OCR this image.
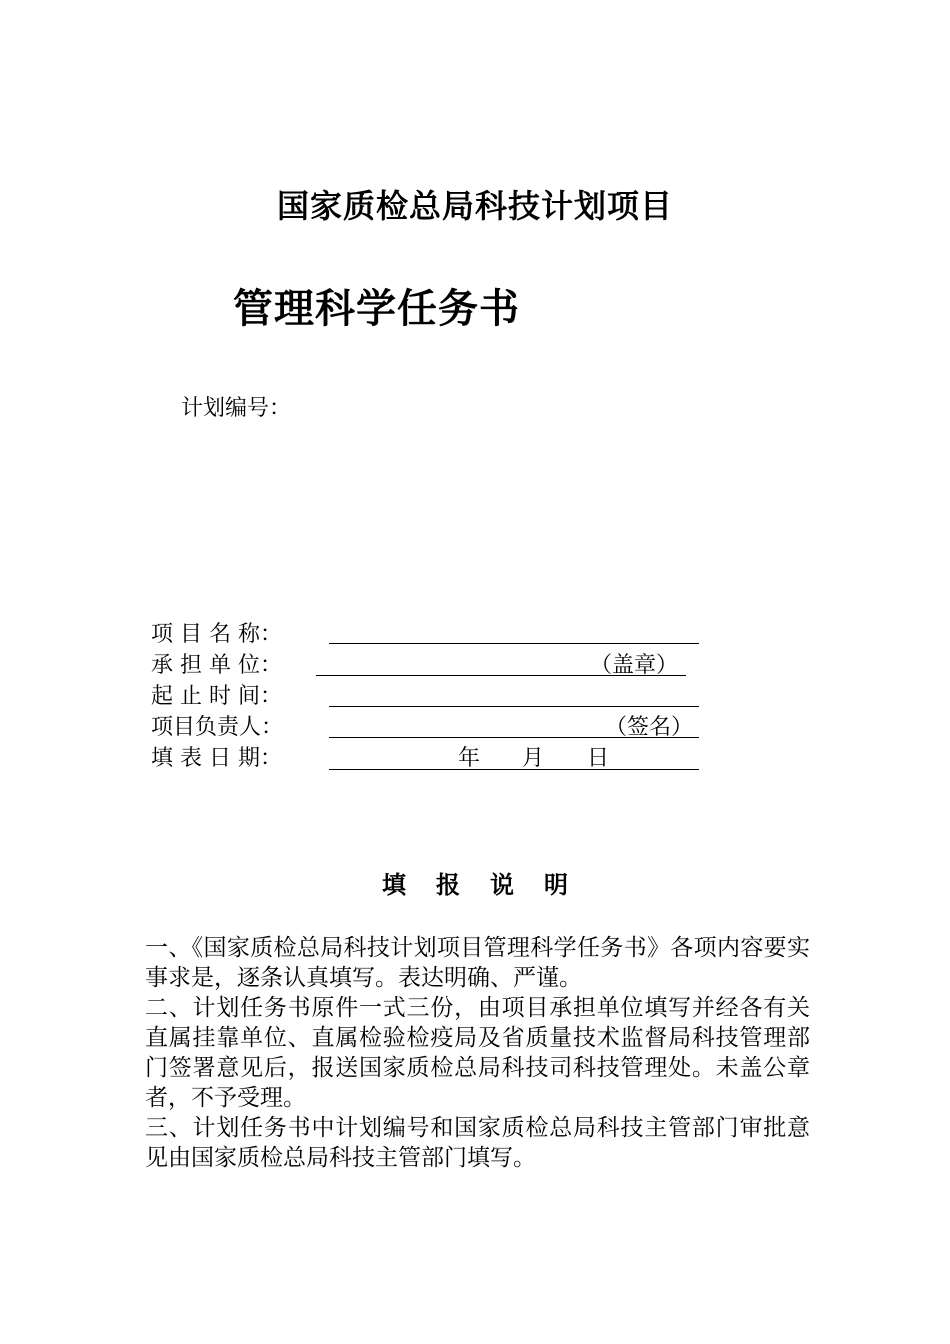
国家质检总局科技计划项目
管理科学任务书
计划编号：
项 目 名 称：
承 担 单 位：	（盖章）
起 止 时 间：
项目负责人：	（签名）
填 表 日 期：	年 月 日
填 报 说 明

一、《国家质检总局科技计划项目管理科学任务书》各项内容要实事求是，逐条认真填写。表达明确、严谨。

二、计划任务书原件一式三份，由项目承担单位填写并经各有关直属挂靠单位、直属检验检疫局及省质量技术监督局科技管理部门签署意见后，报送国家质检总局科技司科技管理处。未盖公章者，不予受理。

三、计划任务书中计划编号和国家质检总局科技主管部门审批意见由国家质检总局科技主管部门填写。
